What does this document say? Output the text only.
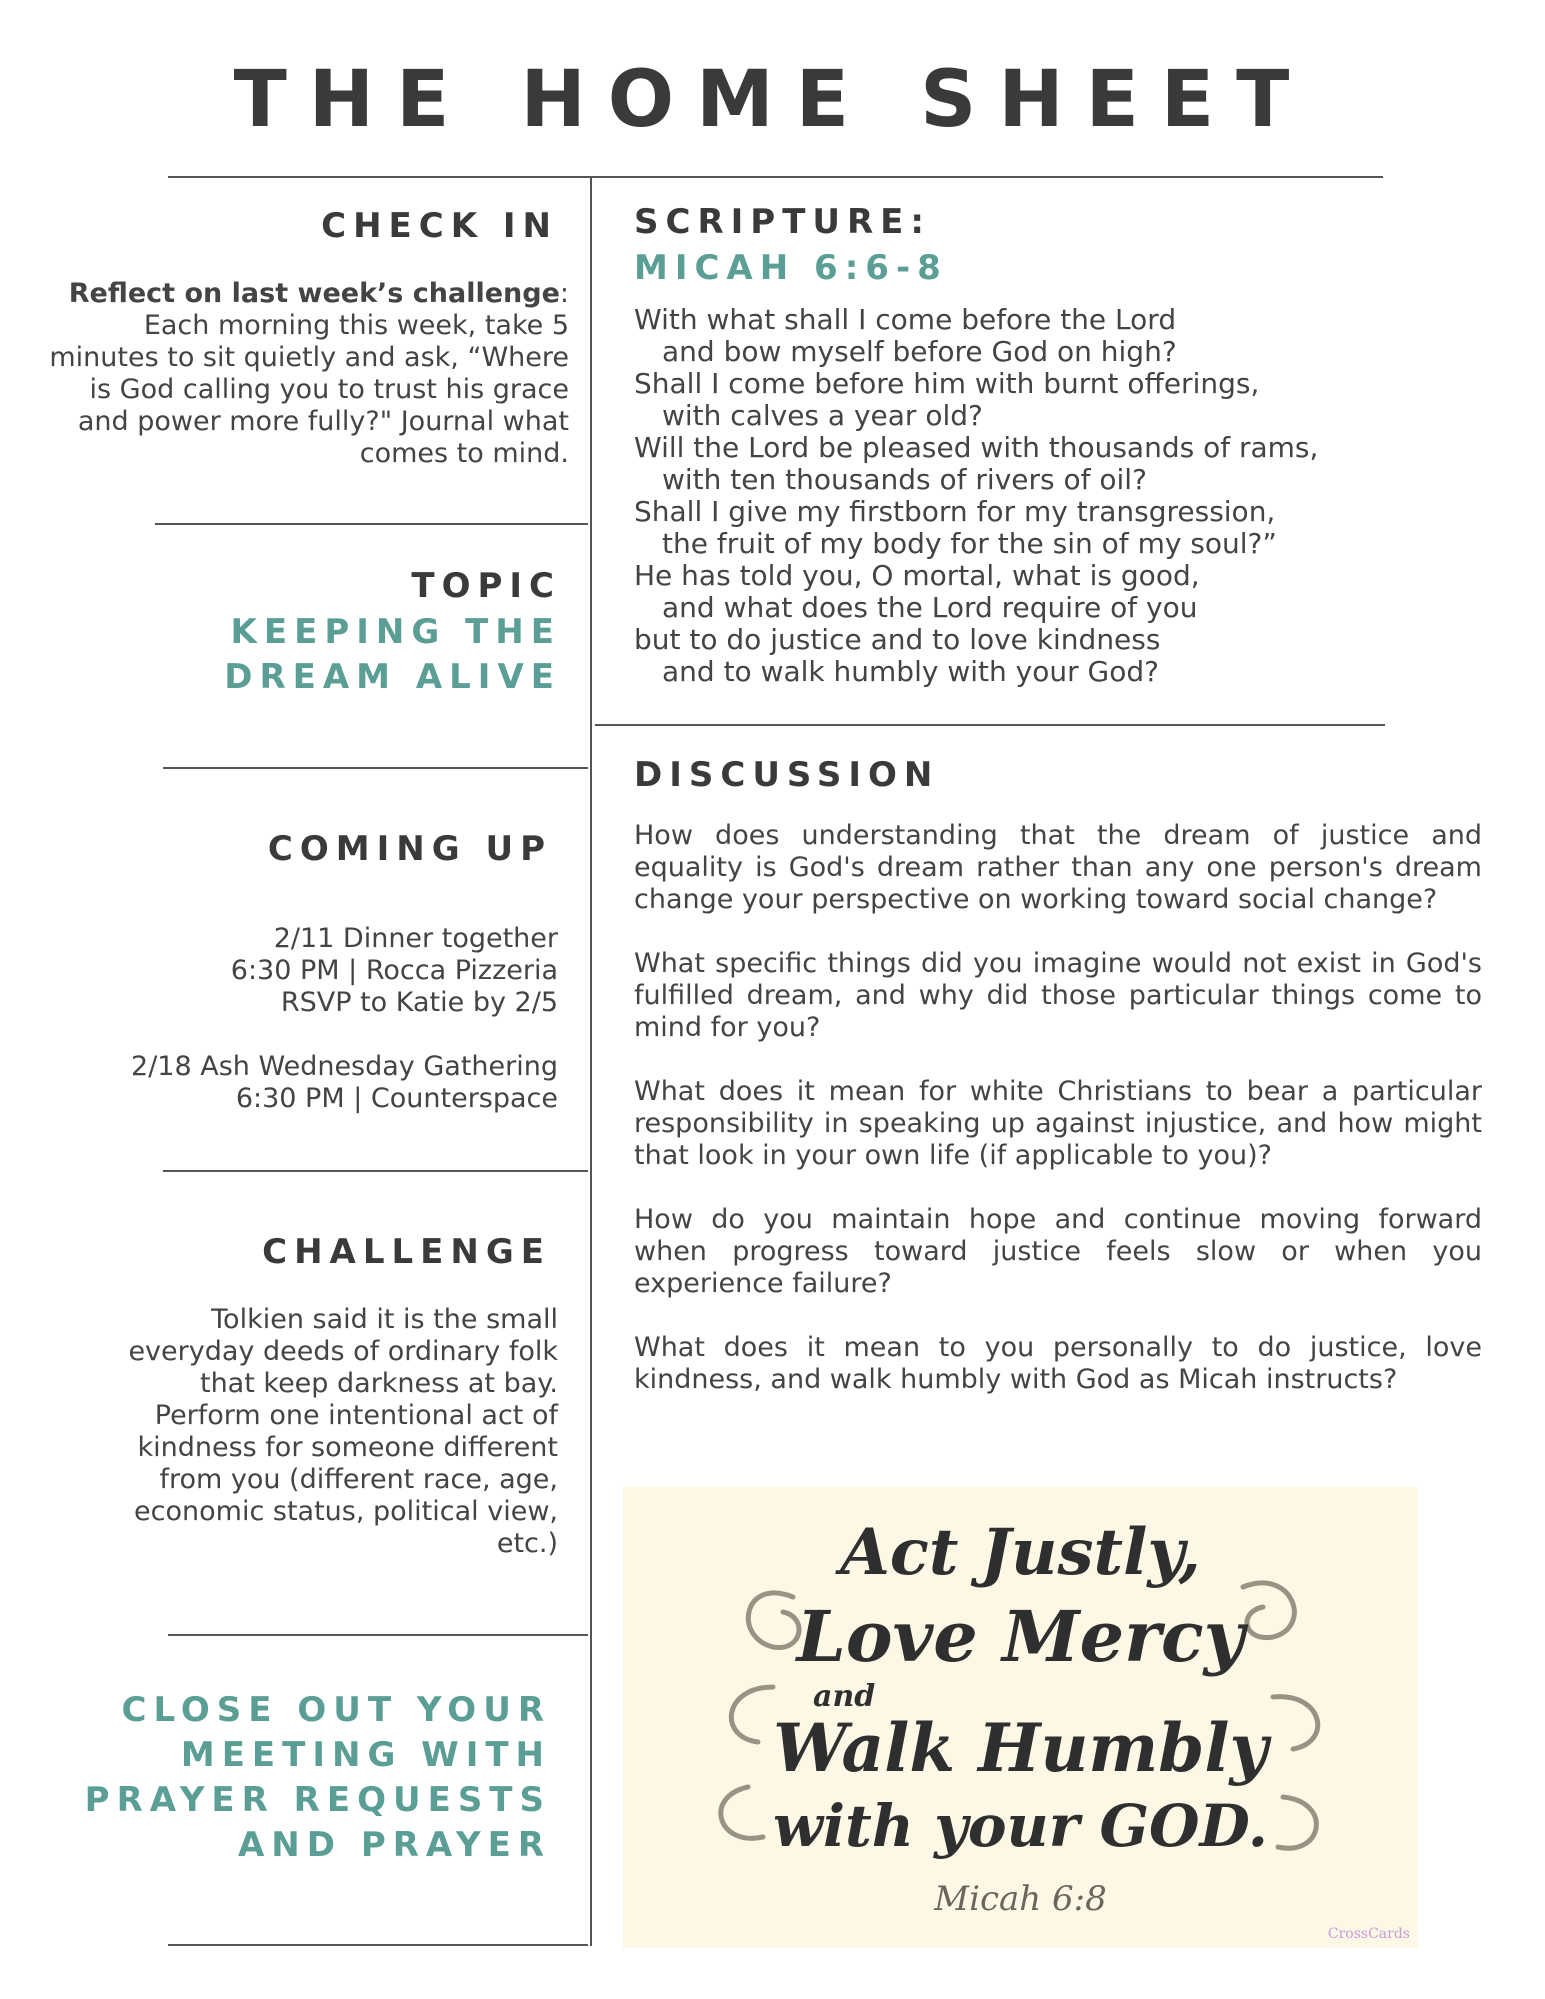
THE HOME SHEET
CHECK IN
Reflect on last week’s challenge: Each morning this week, take 5 minutes to sit quietly and ask, “Where is God calling you to trust his grace and power more fully?" Journal what comes to mind.
TOPIC
KEEPING THE
DREAM ALIVE
COMING UP
2/11 Dinner together
6:30 PM | Rocca Pizzeria
RSVP to Katie by 2/5
2/18 Ash Wednesday Gathering
6:30 PM | Counterspace
CHALLENGE
Tolkien said it is the small everyday deeds of ordinary folk that keep darkness at bay. Perform one intentional act of kindness for someone different from you (different race, age, economic status, political view, etc.)
CLOSE OUT YOUR
MEETING WITH
PRAYER REQUESTS
AND PRAYER
SCRIPTURE:
MICAH 6:6-8
With what shall I come before the Lord
and bow myself before God on high?
Shall I come before him with burnt offerings,
with calves a year old?
Will the Lord be pleased with thousands of rams,
with ten thousands of rivers of oil?
Shall I give my firstborn for my transgression,
the fruit of my body for the sin of my soul?”
He has told you, O mortal, what is good,
and what does the Lord require of you
but to do justice and to love kindness
and to walk humbly with your God?
DISCUSSION

How does understanding that the dream of justice and equality is God's dream rather than any one person's dream change your perspective on working toward social change?

What specific things did you imagine would not exist in God's fulfilled dream, and why did those particular things come to mind for you?

What does it mean for white Christians to bear a particular responsibility in speaking up against injustice, and how might that look in your own life (if applicable to you)?

How do you maintain hope and continue moving forward when progress toward justice feels slow or when you experience failure?

What does it mean to you personally to do justice, love kindness, and walk humbly with God as Micah instructs?

Act Justly,
Love Mercy
and
Walk Humbly
with your GOD.
Micah 6:8
CrossCards
